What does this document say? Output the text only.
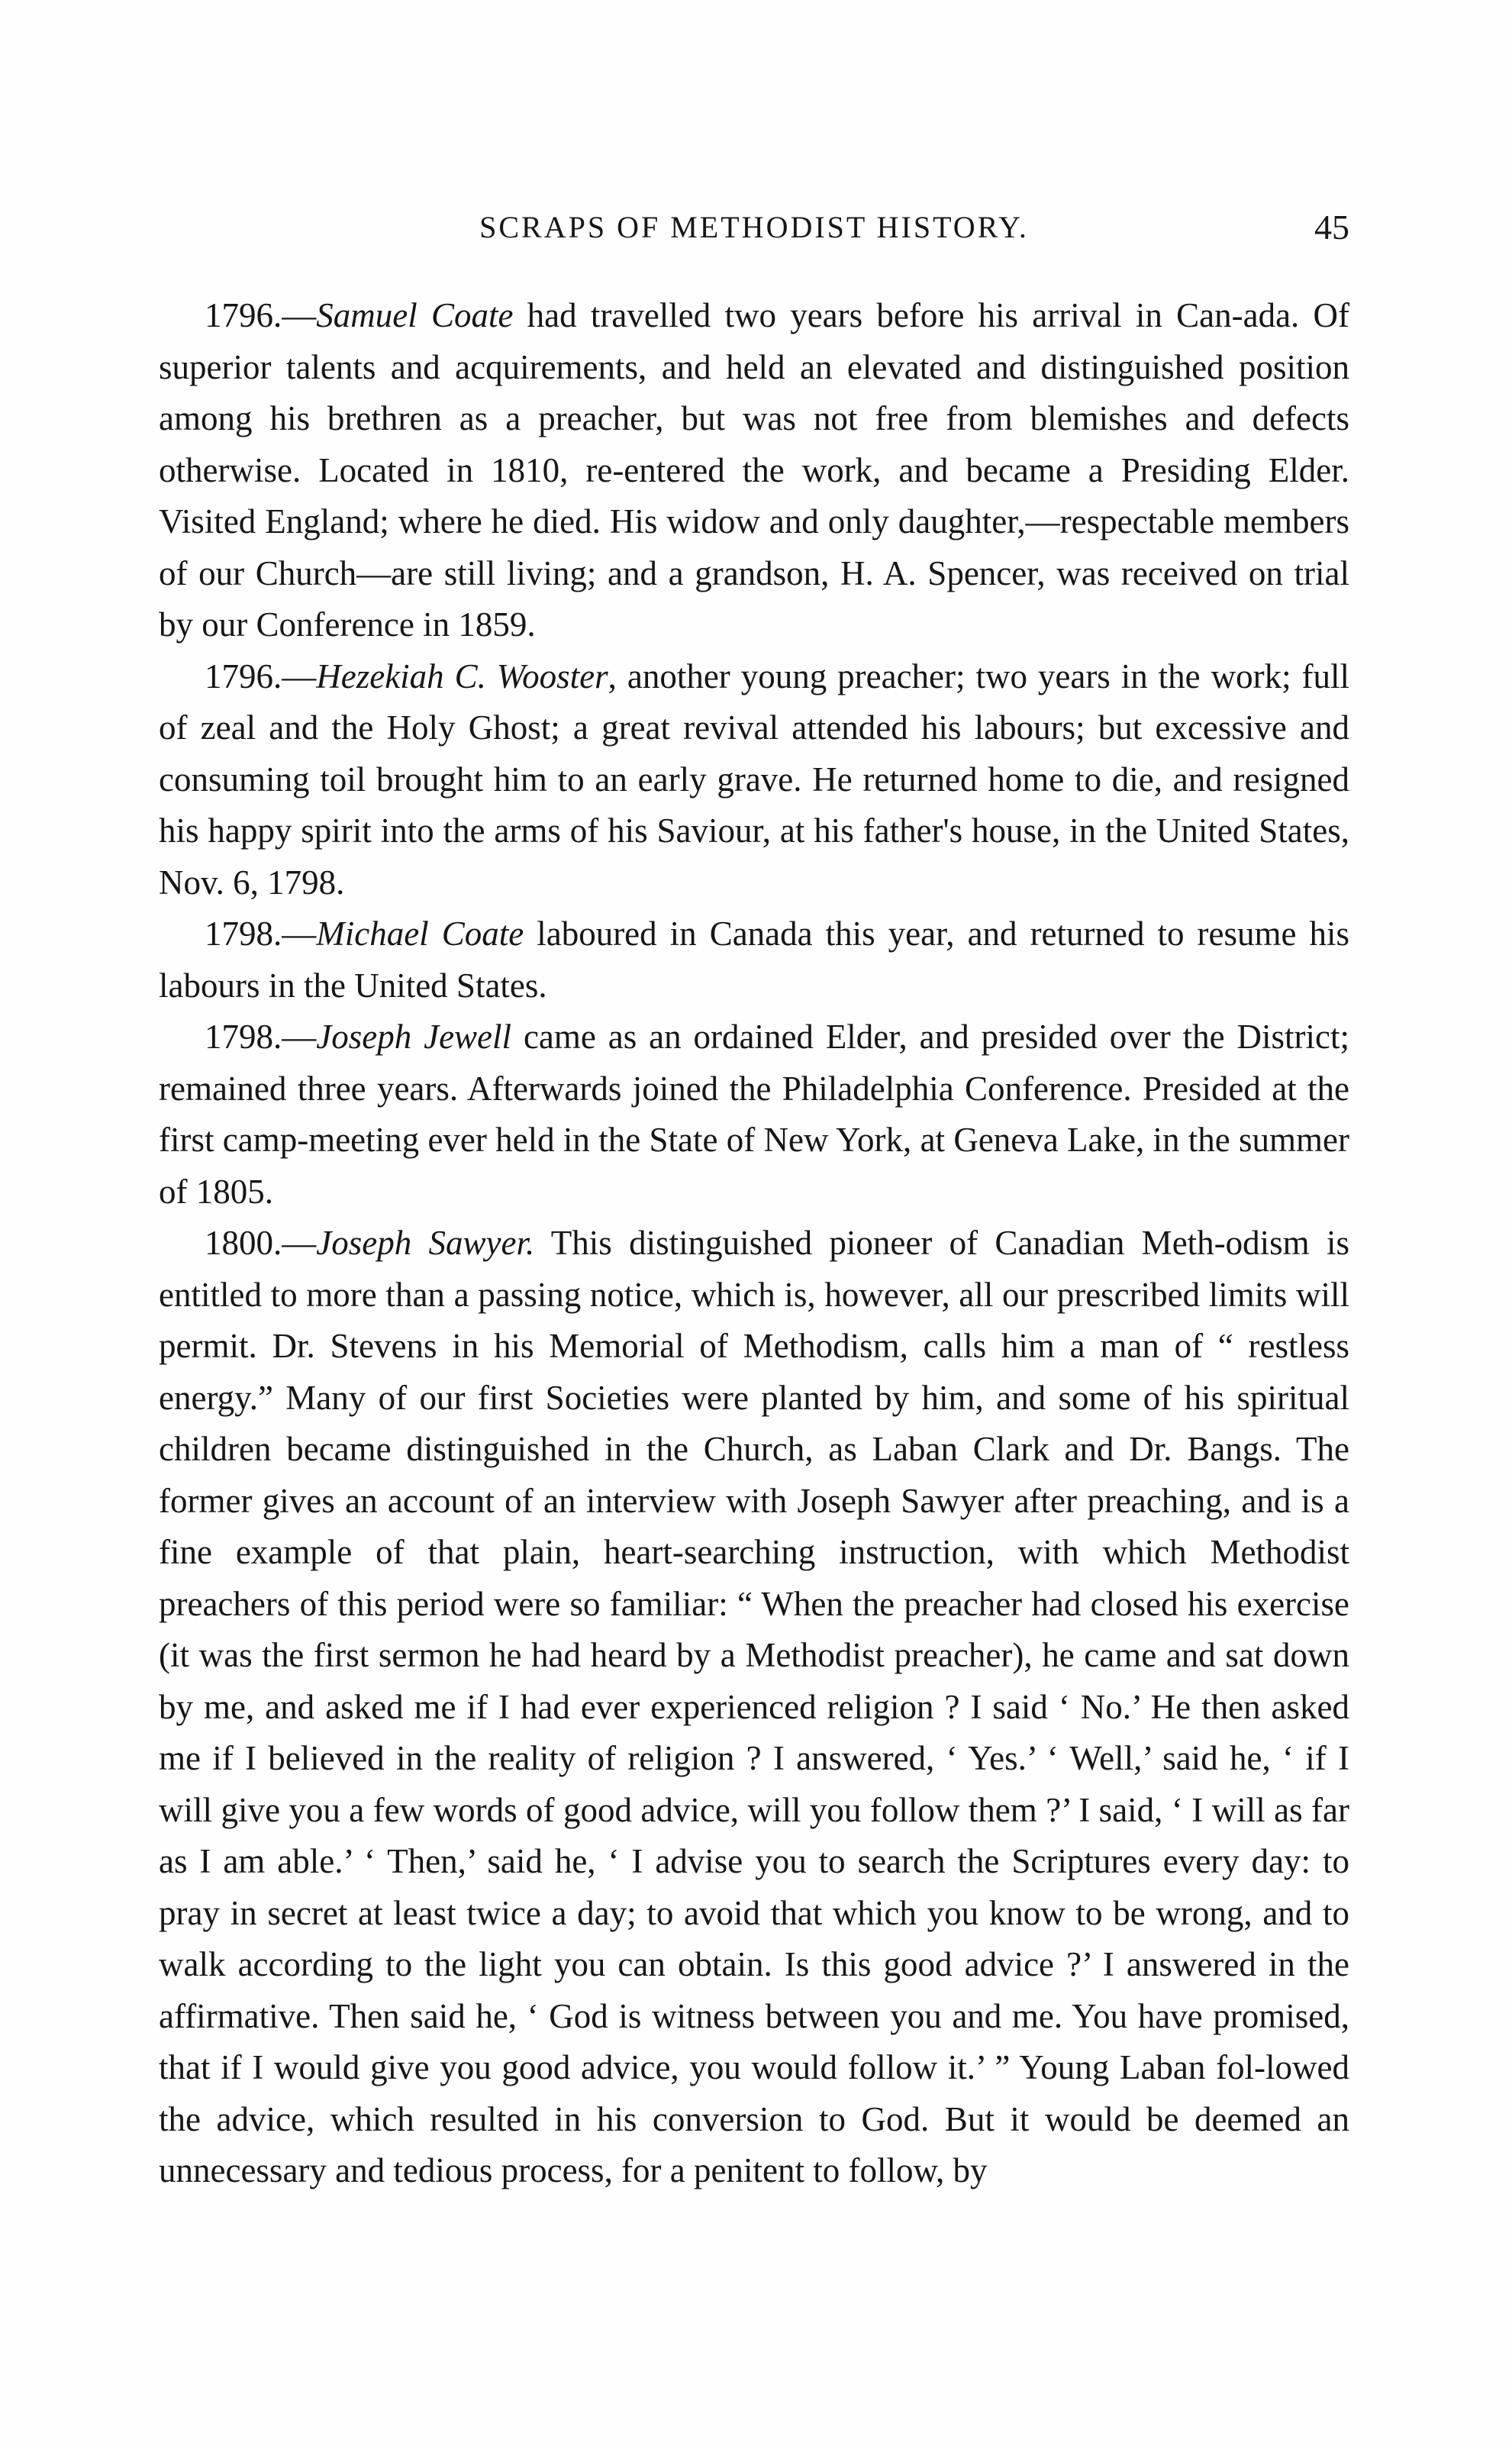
SCRAPS OF METHODIST HISTORY.	45

1796.—Samuel Coate had travelled two years before his arrival in Can-ada. Of superior talents and acquirements, and held an elevated and distinguished position among his brethren as a preacher, but was not free from blemishes and defects otherwise. Located in 1810, re-entered the work, and became a Presiding Elder. Visited England; where he died. His widow and only daughter,—respectable members of our Church—are still living; and a grandson, H. A. Spencer, was received on trial by our Conference in 1859.

1796.—Hezekiah C. Wooster, another young preacher; two years in the work; full of zeal and the Holy Ghost; a great revival attended his labours; but excessive and consuming toil brought him to an early grave. He returned home to die, and resigned his happy spirit into the arms of his Saviour, at his father's house, in the United States, Nov. 6, 1798.

1798.—Michael Coate laboured in Canada this year, and returned to resume his labours in the United States.

1798.—Joseph Jewell came as an ordained Elder, and presided over the District; remained three years. Afterwards joined the Philadelphia Conference. Presided at the first camp-meeting ever held in the State of New York, at Geneva Lake, in the summer of 1805.

1800.—Joseph Sawyer. This distinguished pioneer of Canadian Meth-odism is entitled to more than a passing notice, which is, however, all our prescribed limits will permit. Dr. Stevens in his Memorial of Methodism, calls him a man of “ restless energy.” Many of our first Societies were planted by him, and some of his spiritual children became distinguished in the Church, as Laban Clark and Dr. Bangs. The former gives an account of an interview with Joseph Sawyer after preaching, and is a fine example of that plain, heart-searching instruction, with which Methodist preachers of this period were so familiar: “ When the preacher had closed his exercise (it was the first sermon he had heard by a Methodist preacher), he came and sat down by me, and asked me if I had ever experienced religion ? I said ‘ No.’ He then asked me if I believed in the reality of religion ? I answered, ‘ Yes.’ ‘ Well,’ said he, ‘ if I will give you a few words of good advice, will you follow them ?’ I said, ‘ I will as far as I am able.’ ‘ Then,’ said he, ‘ I advise you to search the Scriptures every day: to pray in secret at least twice a day; to avoid that which you know to be wrong, and to walk according to the light you can obtain. Is this good advice ?’ I answered in the affirmative. Then said he, ‘ God is witness between you and me. You have promised, that if I would give you good advice, you would follow it.’ ” Young Laban fol-lowed the advice, which resulted in his conversion to God. But it would be deemed an unnecessary and tedious process, for a penitent to follow, by
